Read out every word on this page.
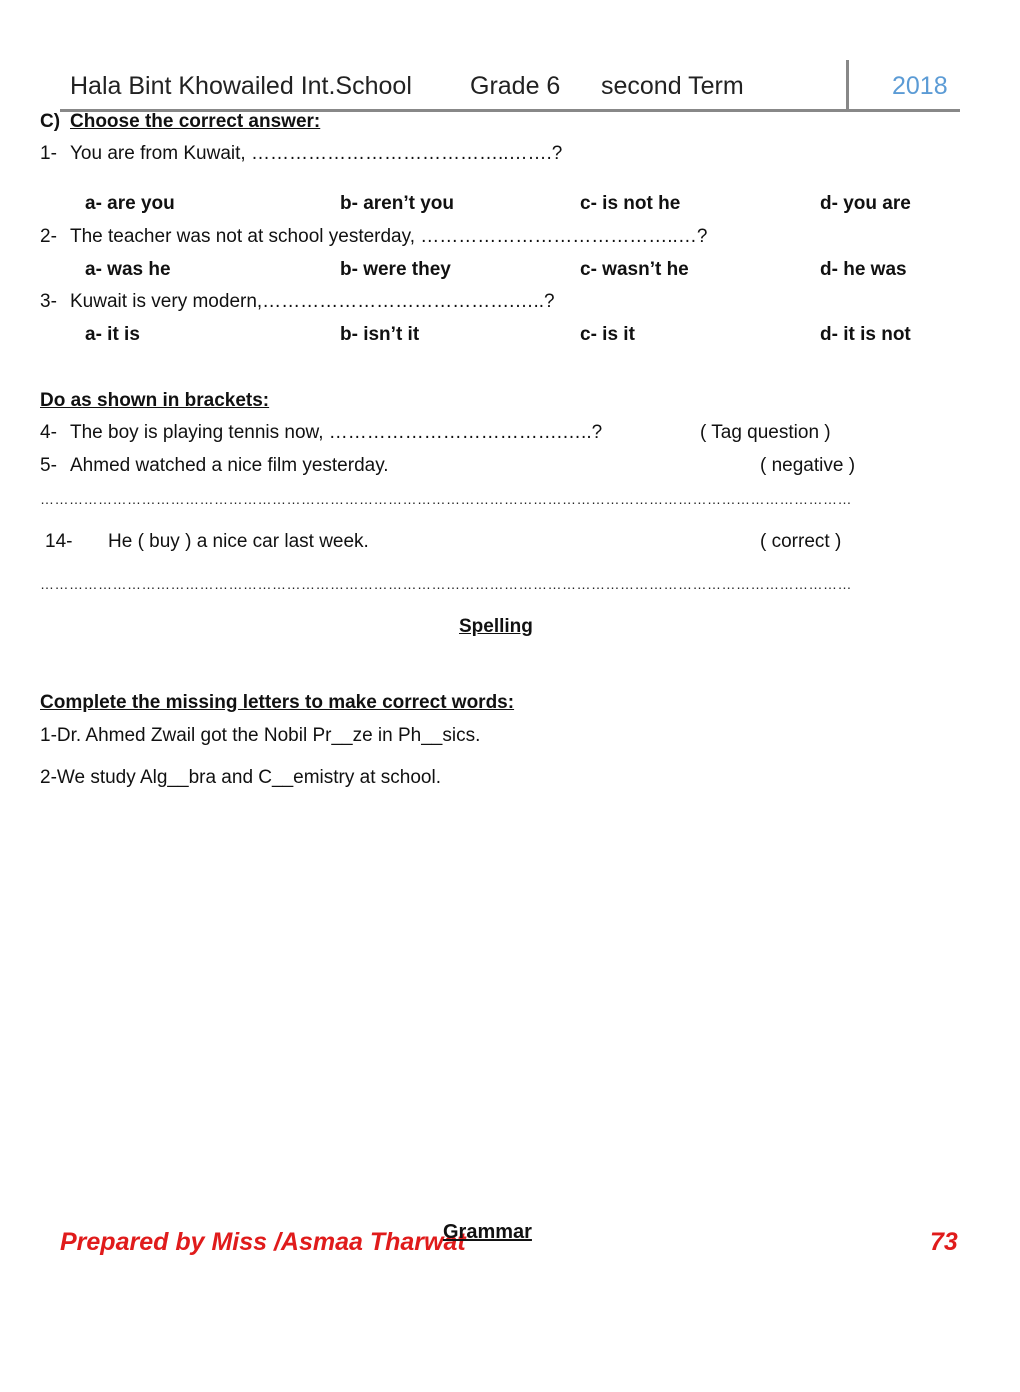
Hala Bint Khowailed Int.School Grade 6 second Term	2018
C) Choose the correct answer:
1- You are from Kuwait, …………………………………..…….?
a- are you	b- aren’t you	c- is not he	d- you are
2- The teacher was not at school yesterday, …………………………………..…?
a- was he	b- were they	c- wasn’t he	d- he was
3- Kuwait is very modern,………………………………….…..?
a- it is	b- isn’t it	c- is it	d- it is not
Do as shown in brackets:
4- The boy is playing tennis now, ……………………………….…..?	( Tag question )
5- Ahmed watched a nice film yesterday.	( negative )
……………………………………………………………………………………………………………………………………………………
14- He ( buy ) a nice car last week.	( correct )
……………………………………………………………………………………………………………………………………………………
Spelling
Complete the missing letters to make correct words:
1-Dr. Ahmed Zwail got the Nobil Pr__ze in Ph__sics.
2-We study Alg__bra and C__emistry at school.
Prepared by Miss /Asmaa Tharwat
Grammar	73
